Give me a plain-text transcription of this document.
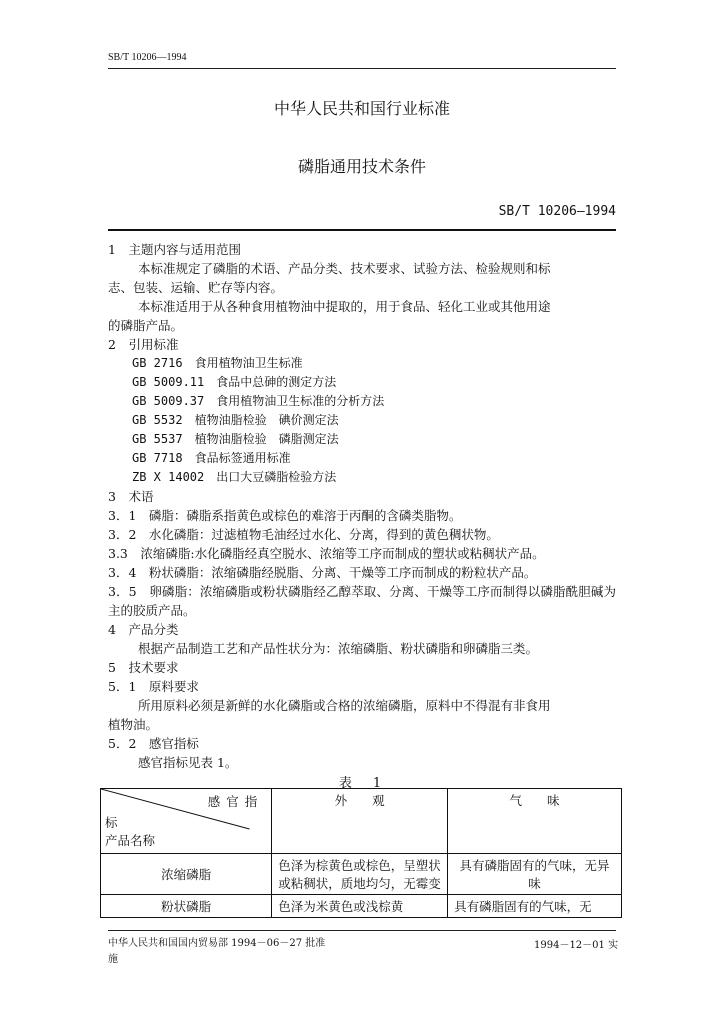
SB/T 10206—1994
中华人民共和国行业标准
磷脂通用技术条件
SB/T 10206—1994

1　主题内容与适用范围

本标准规定了磷脂的术语、产品分类、技术要求、试验方法、检验规则和标

志、包装、运输、贮存等内容。

本标准适用于从各种食用植物油中提取的，用于食品、轻化工业或其他用途

的磷脂产品。

2　引用标准

GB 2716　食用植物油卫生标准

GB 5009.11　食品中总砷的测定方法

GB 5009.37　食用植物油卫生标准的分析方法

GB 5532　植物油脂检验　碘价测定法

GB 5537　植物油脂检验　磷脂测定法

GB 7718　食品标签通用标准

ZB X 14002　出口大豆磷脂检验方法

3　术语

3．1　磷脂：磷脂系指黄色或棕色的难溶于丙酮的含磷类脂物。

3．2　水化磷脂：过滤植物毛油经过水化、分离，得到的黄色稠状物。

3.3　浓缩磷脂:水化磷脂经真空脱水、浓缩等工序而制成的塑状或粘稠状产品。

3．4　粉状磷脂：浓缩磷脂经脱脂、分离、干燥等工序而制成的粉粒状产品。

3．5　卵磷脂：浓缩磷脂或粉状磷脂经乙醇萃取、分离、干燥等工序而制得以磷脂酰胆碱为主的胶质产品。

4　产品分类

根据产品制造工艺和产品性状分为：浓缩磷脂、粉状磷脂和卵磷脂三类。

5　技术要求

5．1　原料要求

所用原料必须是新鲜的水化磷脂或合格的浓缩磷脂，原料中不得混有非食用

植物油。

5．2　感官指标

感官指标见表 1。

表　1

感官指
标
产品名称	外　　观	气　　味
浓缩磷脂	色泽为棕黄色或棕色，呈塑状或粘稠状，质地均匀，无霉变	具有磷脂固有的气味，无异味
粉状磷脂	色泽为米黄色或浅棕黄	具有磷脂固有的气味，无
中华人民共和国国内贸易部 1994－06－27 批准
施
1994－12－01 实
